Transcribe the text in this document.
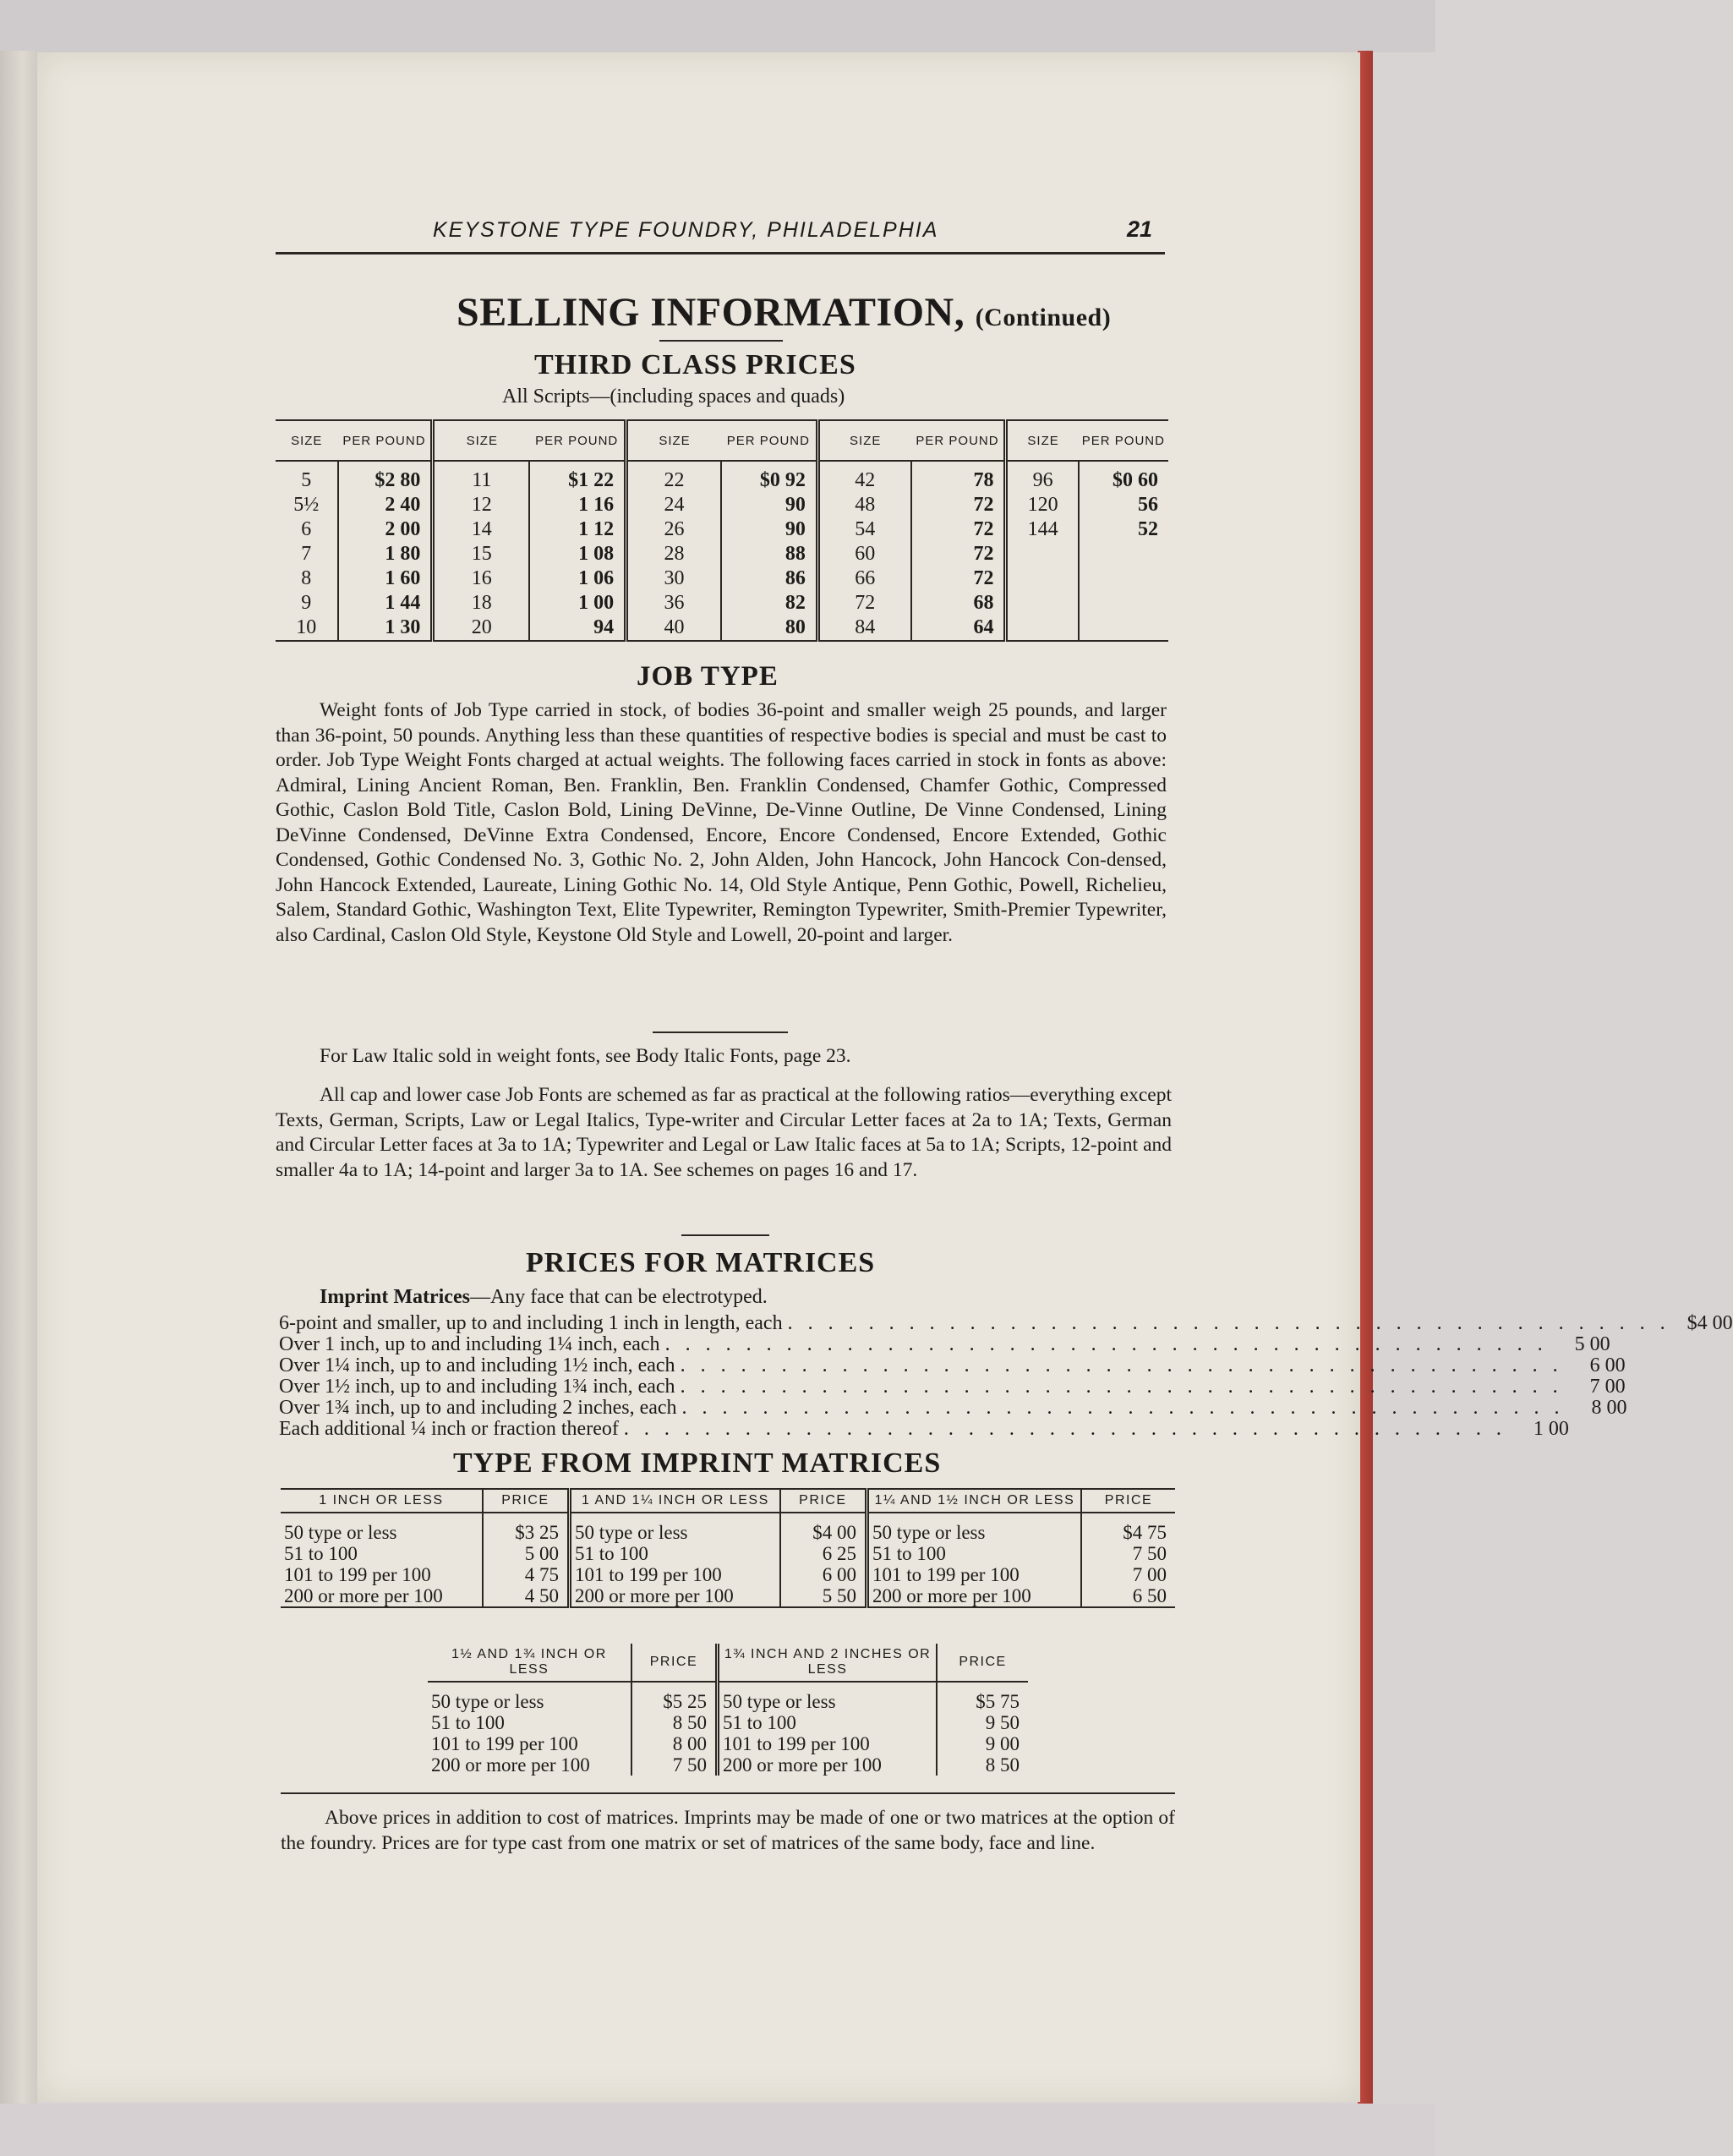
KEYSTONE TYPE FOUNDRY, PHILADELPHIA	21
SELLING INFORMATION, (Continued)
THIRD CLASS PRICES
All Scripts—(including spaces and quads)
SIZE	PER POUND	SIZE	PER POUND	SIZE	PER POUND	SIZE	PER POUND	SIZE	PER POUND
5	$2 80	11	$1 22	22	$0 92	42	78	96	$0 60
5½	2 40	12	1 16	24	90	48	72	120	56
6	2 00	14	1 12	26	90	54	72	144	52
7	1 80	15	1 08	28	88	60	72		
8	1 60	16	1 06	30	86	66	72		
9	1 44	18	1 00	36	82	72	68		
10	1 30	20	94	40	80	84	64		
JOB TYPE
Weight fonts of Job Type carried in stock, of bodies 36-point and smaller weigh 25 pounds, and larger than 36-point, 50 pounds. Anything less than these quantities of respective bodies is special and must be cast to order. Job Type Weight Fonts charged at actual weights. The following faces carried in stock in fonts as above: Admiral, Lining Ancient Roman, Ben. Franklin, Ben. Franklin Condensed, Chamfer Gothic, Compressed Gothic, Caslon Bold Title, Caslon Bold, Lining DeVinne, De-Vinne Outline, De Vinne Condensed, Lining DeVinne Condensed, DeVinne Extra Condensed, Encore, Encore Condensed, Encore Extended, Gothic Condensed, Gothic Condensed No. 3, Gothic No. 2, John Alden, John Hancock, John Hancock Con-densed, John Hancock Extended, Laureate, Lining Gothic No. 14, Old Style Antique, Penn Gothic, Powell, Richelieu, Salem, Standard Gothic, Washington Text, Elite Typewriter, Remington Typewriter, Smith-Premier Typewriter, also Cardinal, Caslon Old Style, Keystone Old Style and Lowell, 20-point and larger.
For Law Italic sold in weight fonts, see Body Italic Fonts, page 23.
All cap and lower case Job Fonts are schemed as far as practical at the following ratios—everything except Texts, German, Scripts, Law or Legal Italics, Type-writer and Circular Letter faces at 2a to 1A; Texts, German and Circular Letter faces at 3a to 1A; Typewriter and Legal or Law Italic faces at 5a to 1A; Scripts, 12-point and smaller 4a to 1A; 14-point and larger 3a to 1A. See schemes on pages 16 and 17.
PRICES FOR MATRICES
Imprint Matrices—Any face that can be electrotyped.
6-point and smaller, up to and including 1 inch in length, each . . . . . . . . . . . . . . . . . . . . . . . . . . . . . . . . . . . . . . . . . . . . $4 00
Over 1 inch, up to and including 1¼ inch, each . . . . . . . . . . . . . . . . . . . . . . . . . . . . . . . . . . . . . . . . . . . .	5 00
Over 1¼ inch, up to and including 1½ inch, each . . . . . . . . . . . . . . . . . . . . . . . . . . . . . . . . . . . . . . . . . . . .	6 00
Over 1½ inch, up to and including 1¾ inch, each . . . . . . . . . . . . . . . . . . . . . . . . . . . . . . . . . . . . . . . . . . . .	7 00
Over 1¾ inch, up to and including 2 inches, each . . . . . . . . . . . . . . . . . . . . . . . . . . . . . . . . . . . . . . . . . . . .	8 00
Each additional ¼ inch or fraction thereof . . . . . . . . . . . . . . . . . . . . . . . . . . . . . . . . . . . . . . . . . . . .	1 00
TYPE FROM IMPRINT MATRICES
1 INCH OR LESS	PRICE	1 AND 1¼ INCH OR LESS	PRICE	1¼ AND 1½ INCH OR LESS	PRICE
50 type or less	$3 25	50 type or less	$4 00	50 type or less	$4 75
51 to 100	5 00	51 to 100	6 25	51 to 100	7 50
101 to 199 per 100	4 75	101 to 199 per 100	6 00	101 to 199 per 100	7 00
200 or more per 100	4 50	200 or more per 100	5 50	200 or more per 100	6 50
1½ AND 1¾ INCH OR LESS	PRICE	1¾ INCH AND 2 INCHES OR LESS	PRICE
50 type or less	$5 25	50 type or less	$5 75
51 to 100	8 50	51 to 100	9 50
101 to 199 per 100	8 00	101 to 199 per 100	9 00
200 or more per 100	7 50	200 or more per 100	8 50
Above prices in addition to cost of matrices. Imprints may be made of one or two matrices at the option of the foundry. Prices are for type cast from one matrix or set of matrices of the same body, face and line.
